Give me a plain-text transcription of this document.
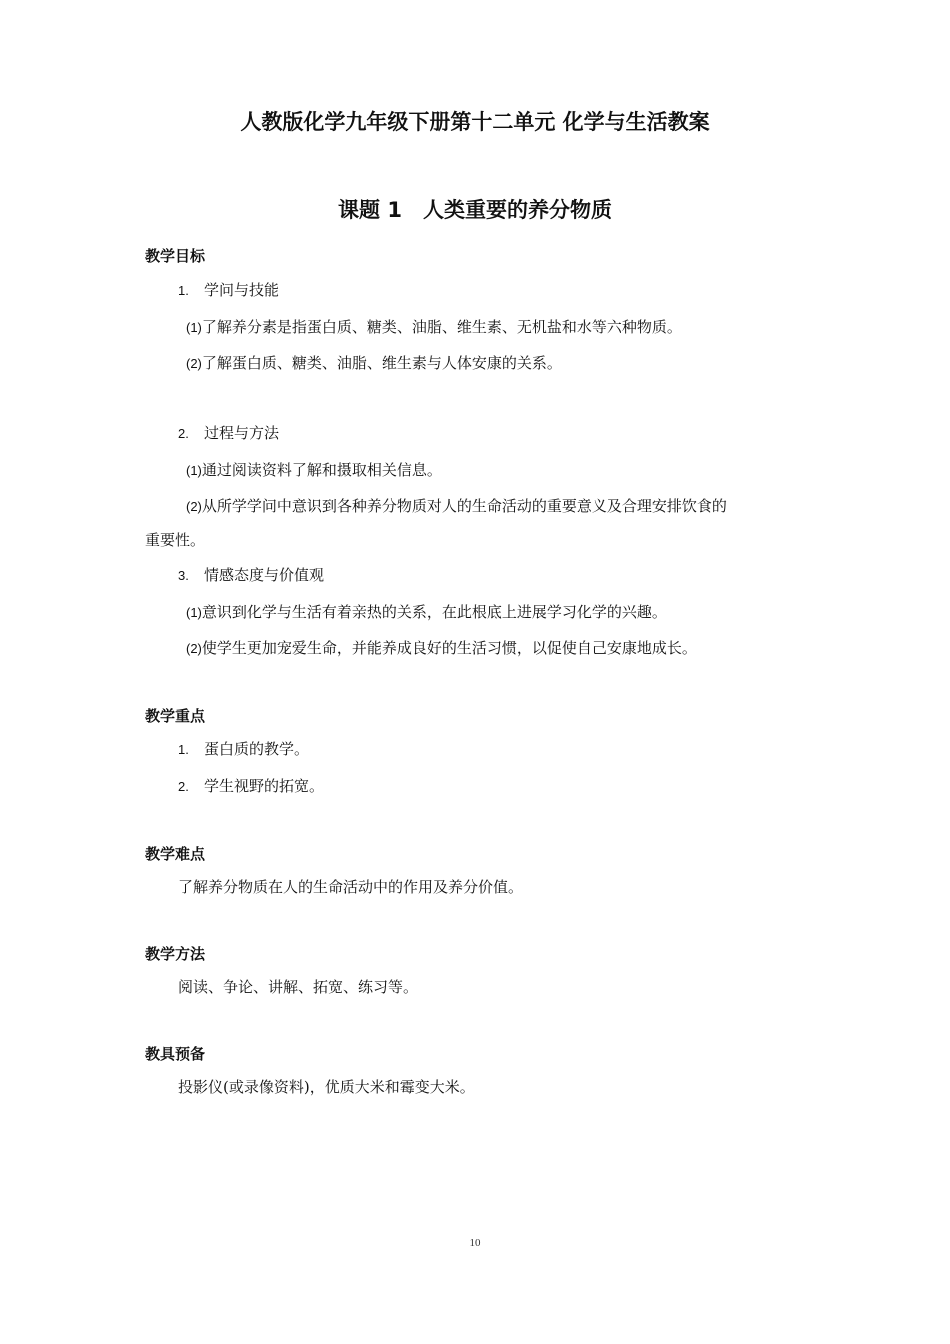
人教版化学九年级下册第十二单元 化学与生活教案
课题 1　人类重要的养分物质
教学目标
1. 学问与技能
(1)了解养分素是指蛋白质、糖类、油脂、维生素、无机盐和水等六种物质。
(2)了解蛋白质、糖类、油脂、维生素与人体安康的关系。
2. 过程与方法
(1)通过阅读资料了解和摄取相关信息。
(2)从所学学问中意识到各种养分物质对人的生命活动的重要意义及合理安排饮食的
重要性。
3. 情感态度与价值观
(1)意识到化学与生活有着亲热的关系，在此根底上进展学习化学的兴趣。
(2)使学生更加宠爱生命，并能养成良好的生活习惯，以促使自己安康地成长。
教学重点
1. 蛋白质的教学。
2. 学生视野的拓宽。
教学难点
了解养分物质在人的生命活动中的作用及养分价值。
教学方法
阅读、争论、讲解、拓宽、练习等。
教具预备
投影仪(或录像资料)，优质大米和霉变大米。
10
